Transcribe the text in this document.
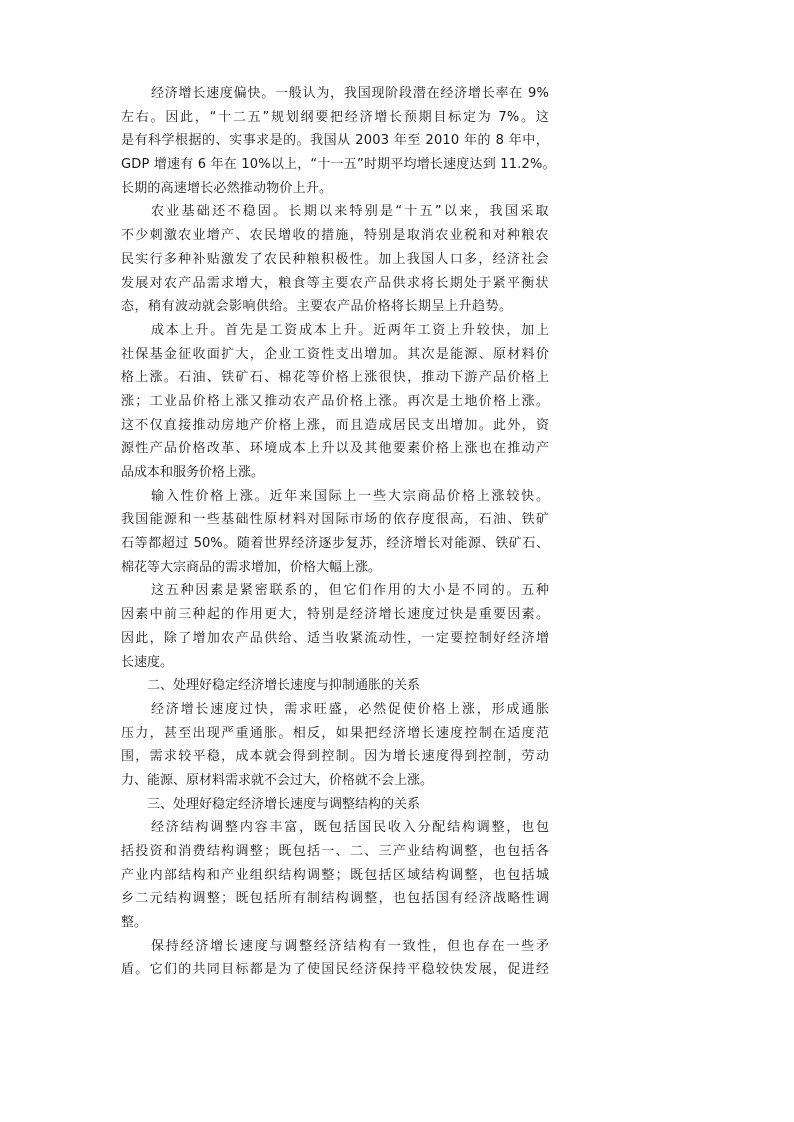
经济增长速度偏快。一般认为，我国现阶段潜在经济增长率在 9%
左右。因此，“十二五”规划纲要把经济增长预期目标定为 7%。这
是有科学根据的、实事求是的。我国从 2003 年至 2010 年的 8 年中，
GDP 增速有 6 年在 10%以上，“十一五”时期平均增长速度达到 11.2%。
长期的高速增长必然推动物价上升。
农业基础还不稳固。长期以来特别是“十五”以来，我国采取
不少刺激农业增产、农民增收的措施，特别是取消农业税和对种粮农
民实行多种补贴激发了农民种粮积极性。加上我国人口多，经济社会
发展对农产品需求增大，粮食等主要农产品供求将长期处于紧平衡状
态，稍有波动就会影响供给。主要农产品价格将长期呈上升趋势。
成本上升。首先是工资成本上升。近两年工资上升较快，加上
社保基金征收面扩大，企业工资性支出增加。其次是能源、原材料价
格上涨。石油、铁矿石、棉花等价格上涨很快，推动下游产品价格上
涨；工业品价格上涨又推动农产品价格上涨。再次是土地价格上涨。
这不仅直接推动房地产价格上涨，而且造成居民支出增加。此外，资
源性产品价格改革、环境成本上升以及其他要素价格上涨也在推动产
品成本和服务价格上涨。
输入性价格上涨。近年来国际上一些大宗商品价格上涨较快。
我国能源和一些基础性原材料对国际市场的依存度很高，石油、铁矿
石等都超过 50%。随着世界经济逐步复苏，经济增长对能源、铁矿石、
棉花等大宗商品的需求增加，价格大幅上涨。
这五种因素是紧密联系的，但它们作用的大小是不同的。五种
因素中前三种起的作用更大，特别是经济增长速度过快是重要因素。
因此，除了增加农产品供给、适当收紧流动性，一定要控制好经济增
长速度。
二、处理好稳定经济增长速度与抑制通胀的关系
经济增长速度过快，需求旺盛，必然促使价格上涨，形成通胀
压力，甚至出现严重通胀。相反，如果把经济增长速度控制在适度范
围，需求较平稳，成本就会得到控制。因为增长速度得到控制，劳动
力、能源、原材料需求就不会过大，价格就不会上涨。
三、处理好稳定经济增长速度与调整结构的关系
经济结构调整内容丰富，既包括国民收入分配结构调整，也包
括投资和消费结构调整；既包括一、二、三产业结构调整，也包括各
产业内部结构和产业组织结构调整；既包括区域结构调整，也包括城
乡二元结构调整；既包括所有制结构调整，也包括国有经济战略性调
整。
保持经济增长速度与调整经济结构有一致性，但也存在一些矛
盾。它们的共同目标都是为了使国民经济保持平稳较快发展，促进经
